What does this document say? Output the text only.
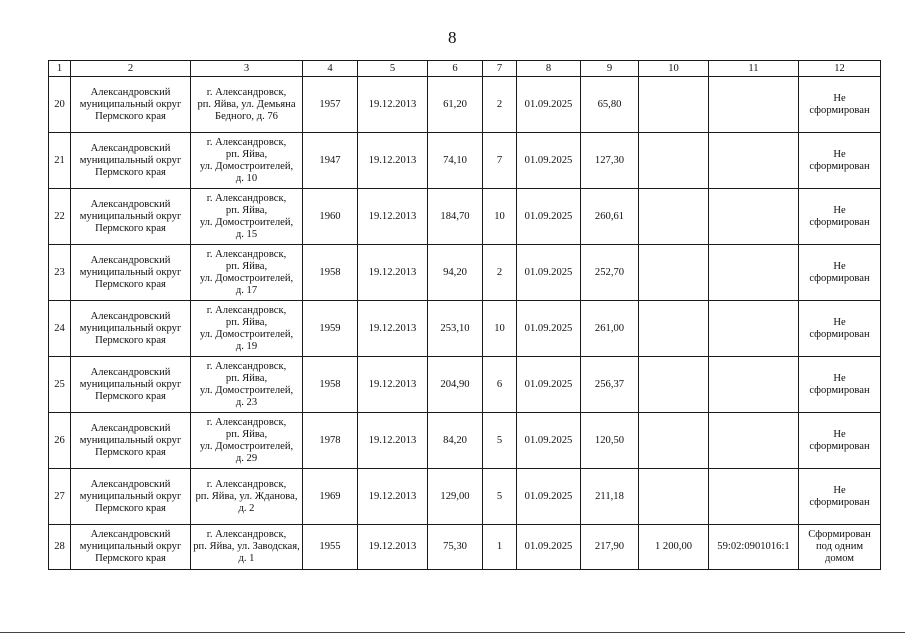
8
1	2	3	4	5	6	7	8	9	10	11	12
20	Александровский
муниципальный округ
Пермского края	г. Александровск,
рп. Яйва, ул. Демьяна
Бедного, д. 76	1957	19.12.2013	61,20	2	01.09.2025	65,80			Не
сформирован
21	Александровский
муниципальный округ
Пермского края	г. Александровск,
рп. Яйва,
ул. Домостроителей,
д. 10	1947	19.12.2013	74,10	7	01.09.2025	127,30			Не
сформирован
22	Александровский
муниципальный округ
Пермского края	г. Александровск,
рп. Яйва,
ул. Домостроителей,
д. 15	1960	19.12.2013	184,70	10	01.09.2025	260,61			Не
сформирован
23	Александровский
муниципальный округ
Пермского края	г. Александровск,
рп. Яйва,
ул. Домостроителей,
д. 17	1958	19.12.2013	94,20	2	01.09.2025	252,70			Не
сформирован
24	Александровский
муниципальный округ
Пермского края	г. Александровск,
рп. Яйва,
ул. Домостроителей,
д. 19	1959	19.12.2013	253,10	10	01.09.2025	261,00			Не
сформирован
25	Александровский
муниципальный округ
Пермского края	г. Александровск,
рп. Яйва,
ул. Домостроителей,
д. 23	1958	19.12.2013	204,90	6	01.09.2025	256,37			Не
сформирован
26	Александровский
муниципальный округ
Пермского края	г. Александровск,
рп. Яйва,
ул. Домостроителей,
д. 29	1978	19.12.2013	84,20	5	01.09.2025	120,50			Не
сформирован
27	Александровский
муниципальный округ
Пермского края	г. Александровск,
рп. Яйва, ул. Жданова,
д. 2	1969	19.12.2013	129,00	5	01.09.2025	211,18			Не
сформирован
28	Александровский
муниципальный округ
Пермского края	г. Александровск,
рп. Яйва, ул. Заводская,
д. 1	1955	19.12.2013	75,30	1	01.09.2025	217,90	1 200,00	59:02:0901016:1	Сформирован
под одним
домом
